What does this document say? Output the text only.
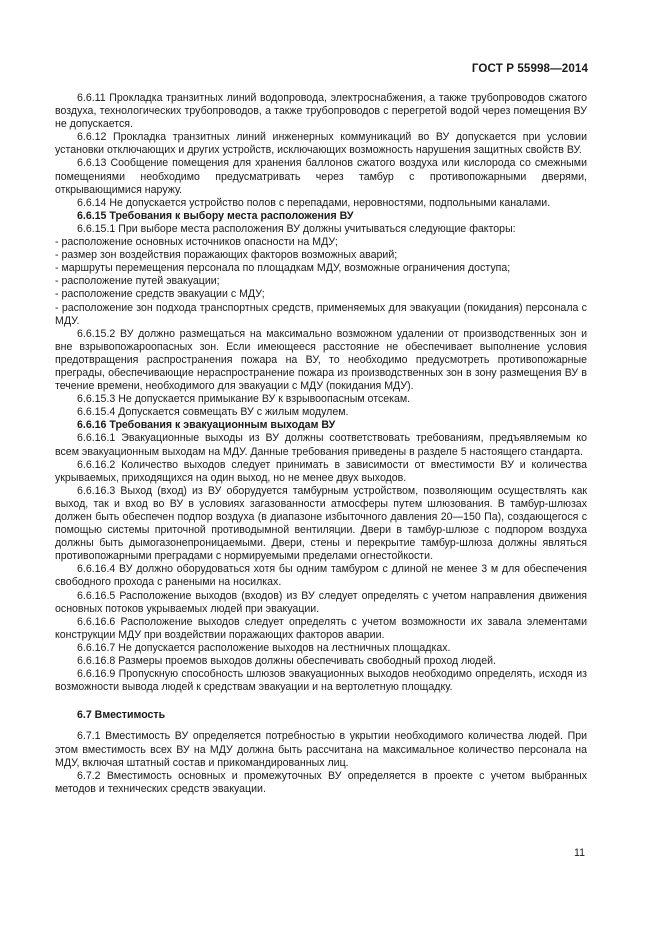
ГОСТ Р 55998—2014

6.6.11 Прокладка транзитных линий водопровода, электроснабжения, а также трубопроводов сжатого воздуха, технологических трубопроводов, а также трубопроводов с перегретой водой через помещения ВУ не допускается.

6.6.12 Прокладка транзитных линий инженерных коммуникаций во ВУ допускается при условии установки отключающих и других устройств, исключающих возможность нарушения защитных свойств ВУ.

6.6.13 Сообщение помещения для хранения баллонов сжатого воздуха или кислорода со смежными помещениями необходимо предусматривать через тамбур с противопожарными дверями, открывающимися наружу.

6.6.14 Не допускается устройство полов с перепадами, неровностями, подпольными каналами.

6.6.15 Требования к выбору места расположения ВУ

6.6.15.1 При выборе места расположения ВУ должны учитываться следующие факторы:

- расположение основных источников опасности на МДУ;

- размер зон воздействия поражающих факторов возможных аварий;

- маршруты перемещения персонала по площадкам МДУ, возможные ограничения доступа;

- расположение путей эвакуации;

- расположение средств эвакуации с МДУ;

- расположение зон подхода транспортных средств, применяемых для эвакуации (покидания) персонала с МДУ.

6.6.15.2 ВУ должно размещаться на максимально возможном удалении от производственных зон и вне взрывопожароопасных зон. Если имеющееся расстояние не обеспечивает выполнение условия предотвращения распространения пожара на ВУ, то необходимо предусмотреть противопожарные преграды, обеспечивающие нераспространение пожара из производственных зон в зону размещения ВУ в течение времени, необходимого для эвакуации с МДУ (покидания МДУ).

6.6.15.3 Не допускается примыкание ВУ к взрывоопасным отсекам.

6.6.15.4 Допускается совмещать ВУ с жилым модулем.

6.6.16 Требования к эвакуационным выходам ВУ

6.6.16.1 Эвакуационные выходы из ВУ должны соответствовать требованиям, предъявляемым ко всем эвакуационным выходам на МДУ. Данные требования приведены в разделе 5 настоящего стандарта.

6.6.16.2 Количество выходов следует принимать в зависимости от вместимости ВУ и количества укрываемых, приходящихся на один выход, но не менее двух выходов.

6.6.16.3 Выход (вход) из ВУ оборудуется тамбурным устройством, позволяющим осуществлять как выход, так и вход во ВУ в условиях загазованности атмосферы путем шлюзования. В тамбур-шлюзах должен быть обеспечен подпор воздуха (в диапазоне избыточного давления 20—150 Па), создающегося с помощью системы приточной противодымной вентиляции. Двери в тамбур-шлюзе с подпором воздуха должны быть дымогазонепроницаемыми. Двери, стены и перекрытие тамбур-шлюза должны являться противопожарными преградами с нормируемыми пределами огнестойкости.

6.6.16.4 ВУ должно оборудоваться хотя бы одним тамбуром с длиной не менее 3 м для обеспечения свободного прохода с ранеными на носилках.

6.6.16.5 Расположение выходов (входов) из ВУ следует определять с учетом направления движения основных потоков укрываемых людей при эвакуации.

6.6.16.6 Расположение выходов следует определять с учетом возможности их завала элементами конструкции МДУ при воздействии поражающих факторов аварии.

6.6.16.7 Не допускается расположение выходов на лестничных площадках.

6.6.16.8 Размеры проемов выходов должны обеспечивать свободный проход людей.

6.6.16.9 Пропускную способность шлюзов эвакуационных выходов необходимо определять, исходя из возможности вывода людей к средствам эвакуации и на вертолетную площадку.

6.7 Вместимость

6.7.1 Вместимость ВУ определяется потребностью в укрытии необходимого количества людей. При этом вместимость всех ВУ на МДУ должна быть рассчитана на максимальное количество персонала на МДУ, включая штатный состав и прикомандированных лиц.

6.7.2 Вместимость основных и промежуточных ВУ определяется в проекте с учетом выбранных методов и технических средств эвакуации.

11
